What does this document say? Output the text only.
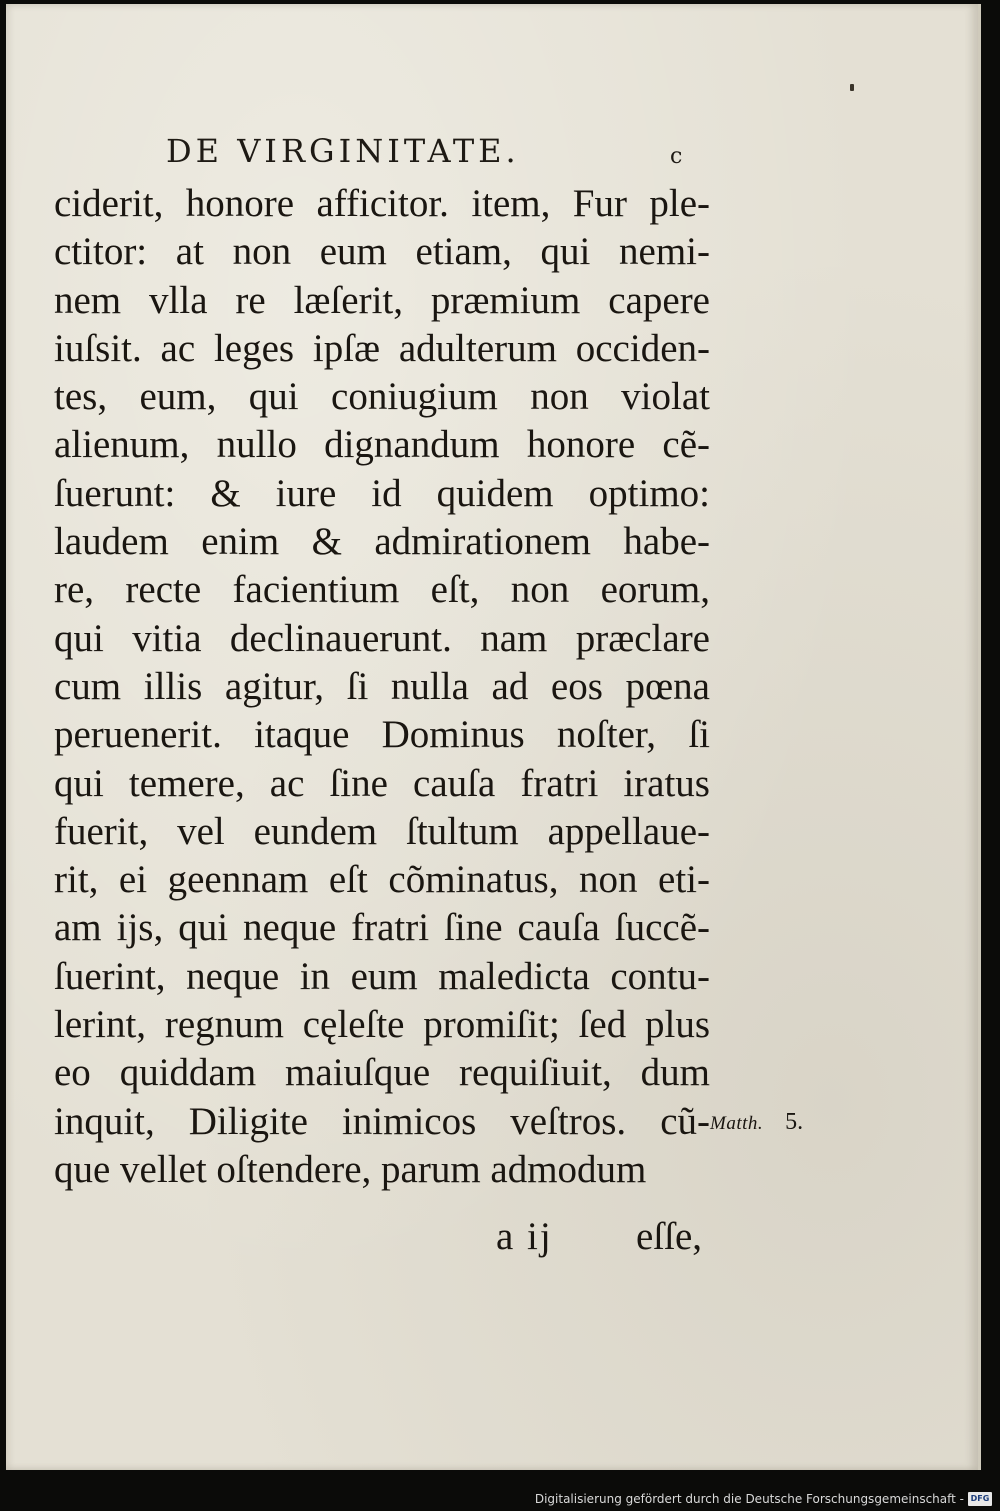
DE VIRGINITATE.	c
ciderit, honore afficitor. item, Fur ple-
ctitor: at non eum etiam, qui nemi-
nem vlla re læſerit, præmium capere
iuſsit. ac leges ipſæ adulterum occiden-
tes, eum, qui coniugium non violat
alienum, nullo dignandum honore cẽ-
ſuerunt: & iure id quidem optimo:
laudem enim & admirationem habe-
re, recte facientium eſt, non eorum,
qui vitia declinauerunt. nam præclare
cum illis agitur, ſi nulla ad eos pœna
peruenerit. itaque Dominus noſter, ſi
qui temere, ac ſine cauſa fratri iratus
fuerit, vel eundem ſtultum appellaue-
rit, ei geennam eſt cõminatus, non eti-
am ijs, qui neque fratri ſine cauſa ſuccẽ-
ſuerint, neque in eum maledicta contu-
lerint, regnum cęleſte promiſit; ſed plus
eo quiddam maiuſque requiſiuit, dum
inquit, Diligite inimicos veſtros. cũ-
que vellet oſtendere, parum admodum
Matth. 5.
a ij eſſe,
Digitalisierung gefördert durch die Deutsche Forschungsgemeinschaft - DFG
